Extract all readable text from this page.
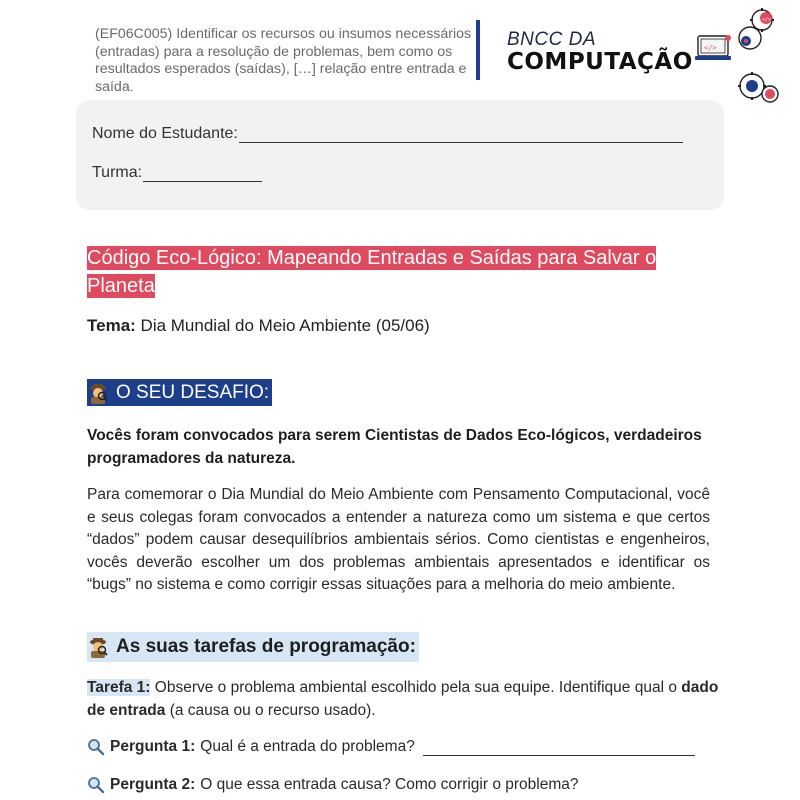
(EF06C005) Identificar os recursos ou insumos necessários (entradas) para a resolução de problemas, bem como os resultados esperados (saídas), […] relação entre entrada e saída.
BNCC DA
COMPUTAÇÃO
</>
</>
Nome do Estudante:
Turma:
Código Eco-Lógico: Mapeando Entradas e Saídas para Salvar o Planeta
Tema: Dia Mundial do Meio Ambiente (05/06)
O SEU DESAFIO:
Vocês foram convocados para serem Cientistas de Dados Eco-lógicos, verdadeiros programadores da natureza.
Para comemorar o Dia Mundial do Meio Ambiente com Pensamento Computacional, você e seus colegas foram convocados a entender a natureza como um sistema e que certos “dados” podem causar desequilíbrios ambientais sérios. Como cientistas e engenheiros, vocês deverão escolher um dos problemas ambientais apresentados e identificar os “bugs” no sistema e como corrigir essas situações para a melhoria do meio ambiente.
As suas tarefas de programação:
Tarefa 1: Observe o problema ambiental escolhido pela sua equipe. Identifique qual o dado de entrada (a causa ou o recurso usado).
Pergunta 1: Qual é a entrada do problema?
Pergunta 2: O que essa entrada causa? Como corrigir o problema?
